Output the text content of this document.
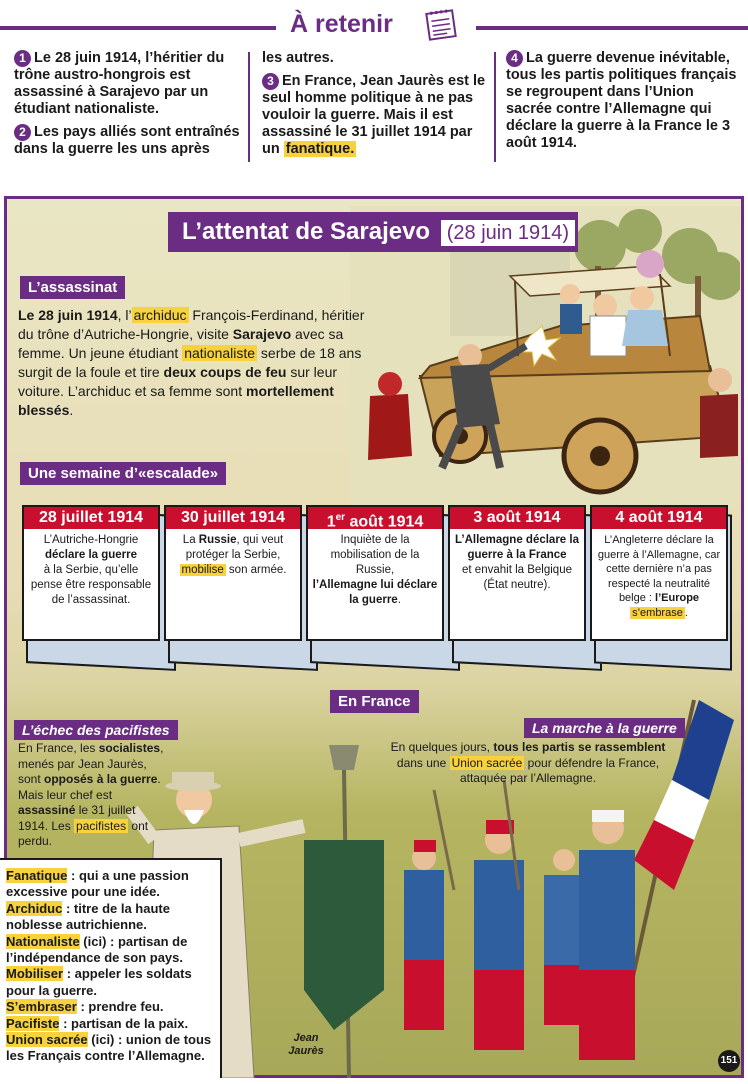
À retenir

1 Le 28 juin 1914, l’héritier du trône austro-hongrois est assassiné à Sarajevo par un étudiant nationaliste.

2 Les pays alliés sont entraînés dans la guerre les uns après

les autres.

3 En France, Jean Jaurès est le seul homme politique à ne pas vouloir la guerre. Mais il est assassiné le 31 juillet 1914 par un fanatique.

4 La guerre devenue inévitable, tous les partis politiques français se regroupent dans l’Union sacrée contre l’Allemagne qui déclare la guerre à la France le 3 août 1914.

L’attentat de Sarajevo (28 juin 1914)
L’assassinat
Le 28 juin 1914, l’ archiduc François-Ferdinand, héritier du trône d’Autriche-Hongrie, visite Sarajevo avec sa femme. Un jeune étudiant nationaliste serbe de 18 ans surgit de la foule et tire deux coups de feu sur leur voiture. L’archiduc et sa femme sont mortellement blessés.
Une semaine d’«escalade»
28 juillet 1914
L’Autriche-Hongrie
déclare la guerre
à la Serbie, qu’elle pense être responsable de l’assassinat.
30 juillet 1914
La Russie, qui veut protéger la Serbie, mobilise son armée.
1er août 1914
Inquiète de la mobilisation de la Russie,
l’Allemagne lui déclare la guerre.
3 août 1914
L’Allemagne déclare la guerre à la France
et envahit la Belgique (État neutre).
4 août 1914
L’Angleterre déclare la guerre à l’Allemagne, car cette dernière n’a pas respecté la neutralité belge : l’Europe s’embrase .
En France
L’échec des pacifistes
En France, les socialistes, menés par Jean Jaurès, sont opposés à la guerre. Mais leur chef est assassiné le 31 juillet 1914. Les pacifistes ont perdu.
La marche à la guerre
En quelques jours, tous les partis se rassemblent dans une Union sacrée pour défendre la France, attaquée par l’Allemagne.
Jean Jaurès
Fanatique : qui a une passion excessive pour une idée.
Archiduc : titre de la haute noblesse autrichienne.
Nationaliste (ici) : partisan de l’indépendance de son pays.
Mobiliser : appeler les soldats pour la guerre.
S’embraser : prendre feu.
Pacifiste : partisan de la paix.
Union sacrée (ici) : union de tous les Français contre l’Allemagne.	151
